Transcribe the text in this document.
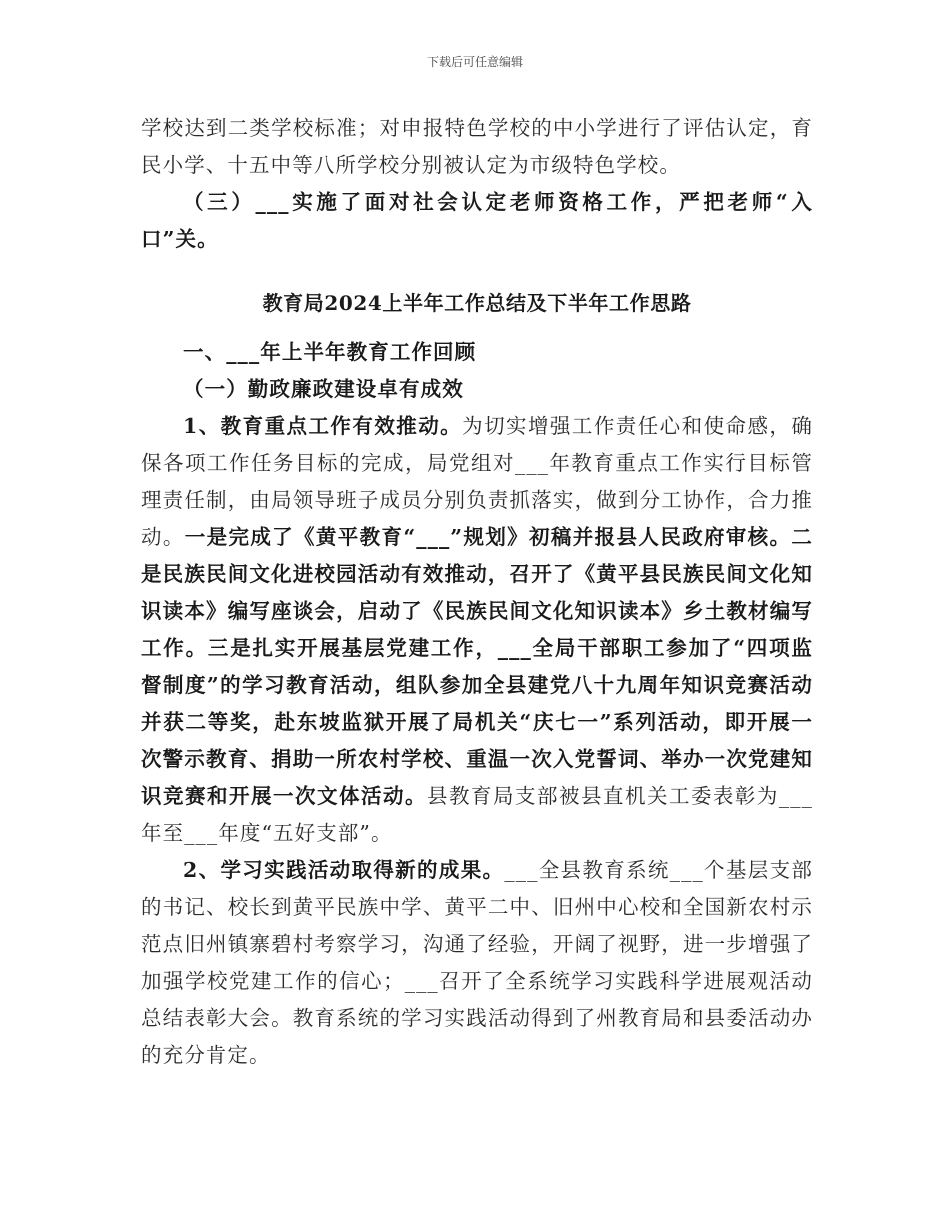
下载后可任意编辑

学校达到二类学校标准；对申报特色学校的中小学进行了评估认定，育民小学、十五中等八所学校分别被认定为市级特色学校。

（三）___实施了面对社会认定老师资格工作，严把老师“入口”关。

教育局2024上半年工作总结及下半年工作思路

一、___年上半年教育工作回顾

（一）勤政廉政建设卓有成效

1、教育重点工作有效推动。为切实增强工作责任心和使命感，确保各项工作任务目标的完成，局党组对___年教育重点工作实行目标管理责任制，由局领导班子成员分别负责抓落实，做到分工协作，合力推动。一是完成了《黄平教育“___”规划》初稿并报县人民政府审核。二是民族民间文化进校园活动有效推动，召开了《黄平县民族民间文化知识读本》编写座谈会，启动了《民族民间文化知识读本》乡土教材编写工作。三是扎实开展基层党建工作，___全局干部职工参加了“四项监督制度”的学习教育活动，组队参加全县建党八十九周年知识竞赛活动并获二等奖，赴东坡监狱开展了局机关“庆七一”系列活动，即开展一次警示教育、捐助一所农村学校、重温一次入党誓词、举办一次党建知识竞赛和开展一次文体活动。县教育局支部被县直机关工委表彰为___年至___年度“五好支部”。

2、学习实践活动取得新的成果。___全县教育系统___个基层支部的书记、校长到黄平民族中学、黄平二中、旧州中心校和全国新农村示范点旧州镇寨碧村考察学习，沟通了经验，开阔了视野，进一步增强了加强学校党建工作的信心；___召开了全系统学习实践科学进展观活动总结表彰大会。教育系统的学习实践活动得到了州教育局和县委活动办的充分肯定。
